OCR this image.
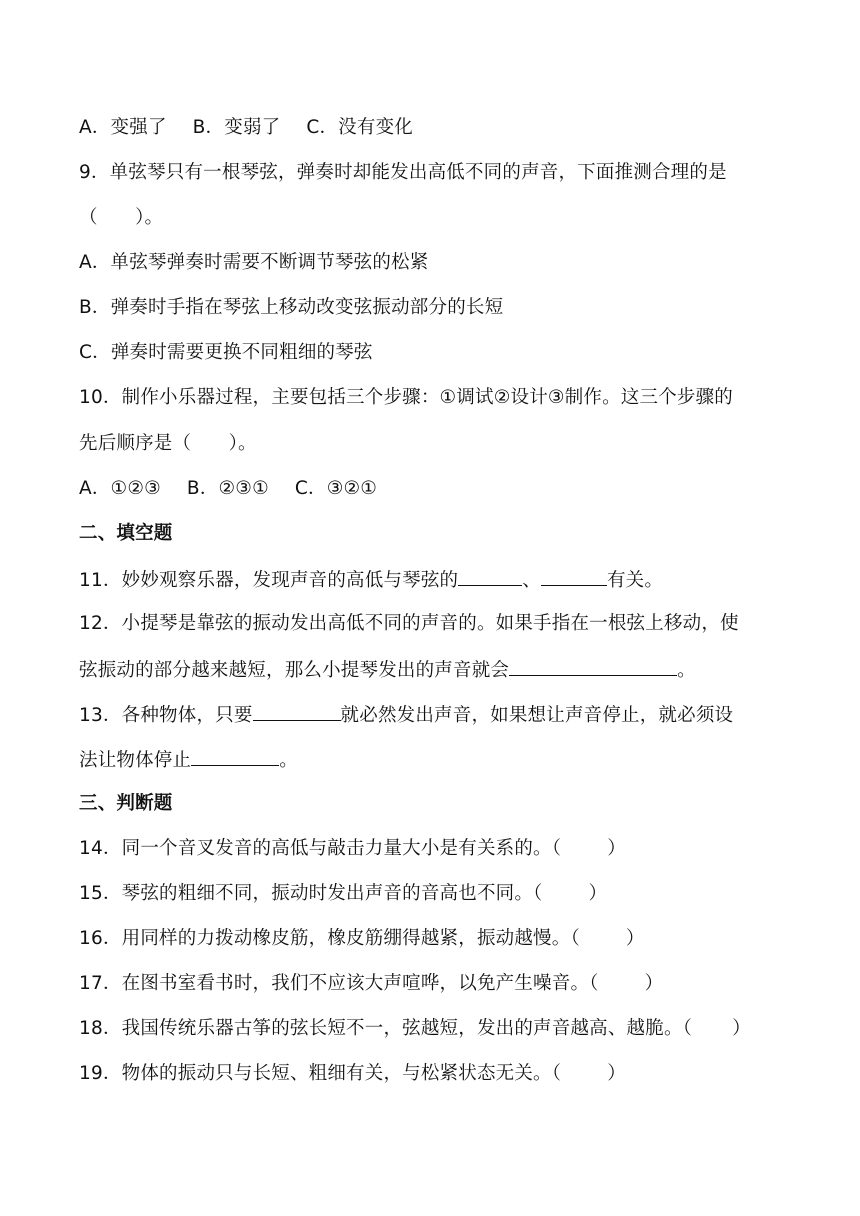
A．变强了 B．变弱了 C．没有变化
9．单弦琴只有一根琴弦，弹奏时却能发出高低不同的声音，下面推测合理的是
（　　）。
A．单弦琴弹奏时需要不断调节琴弦的松紧
B．弹奏时手指在琴弦上移动改变弦振动部分的长短
C．弹奏时需要更换不同粗细的琴弦
10．制作小乐器过程，主要包括三个步骤：①调试②设计③制作。这三个步骤的
先后顺序是（　　）。
A．①②③ B．②③① C．③②①
二、填空题
11．妙妙观察乐器，发现声音的高低与琴弦的	、	有关。
12．小提琴是靠弦的振动发出高低不同的声音的。如果手指在一根弦上移动，使
弦振动的部分越来越短，那么小提琴发出的声音就会	。
13．各种物体，只要	就必然发出声音，如果想让声音停止，就必须设
法让物体停止	。
三、判断题
14．同一个音叉发音的高低与敲击力量大小是有关系的。（ ）
15．琴弦的粗细不同，振动时发出声音的音高也不同。（ ）
16．用同样的力拨动橡皮筋，橡皮筋绷得越紧，振动越慢。（ ）
17．在图书室看书时，我们不应该大声喧哗，以免产生噪音。（ ）
18．我国传统乐器古筝的弦长短不一，弦越短，发出的声音越高、越脆。（ ）
19．物体的振动只与长短、粗细有关，与松紧状态无关。（ ）
